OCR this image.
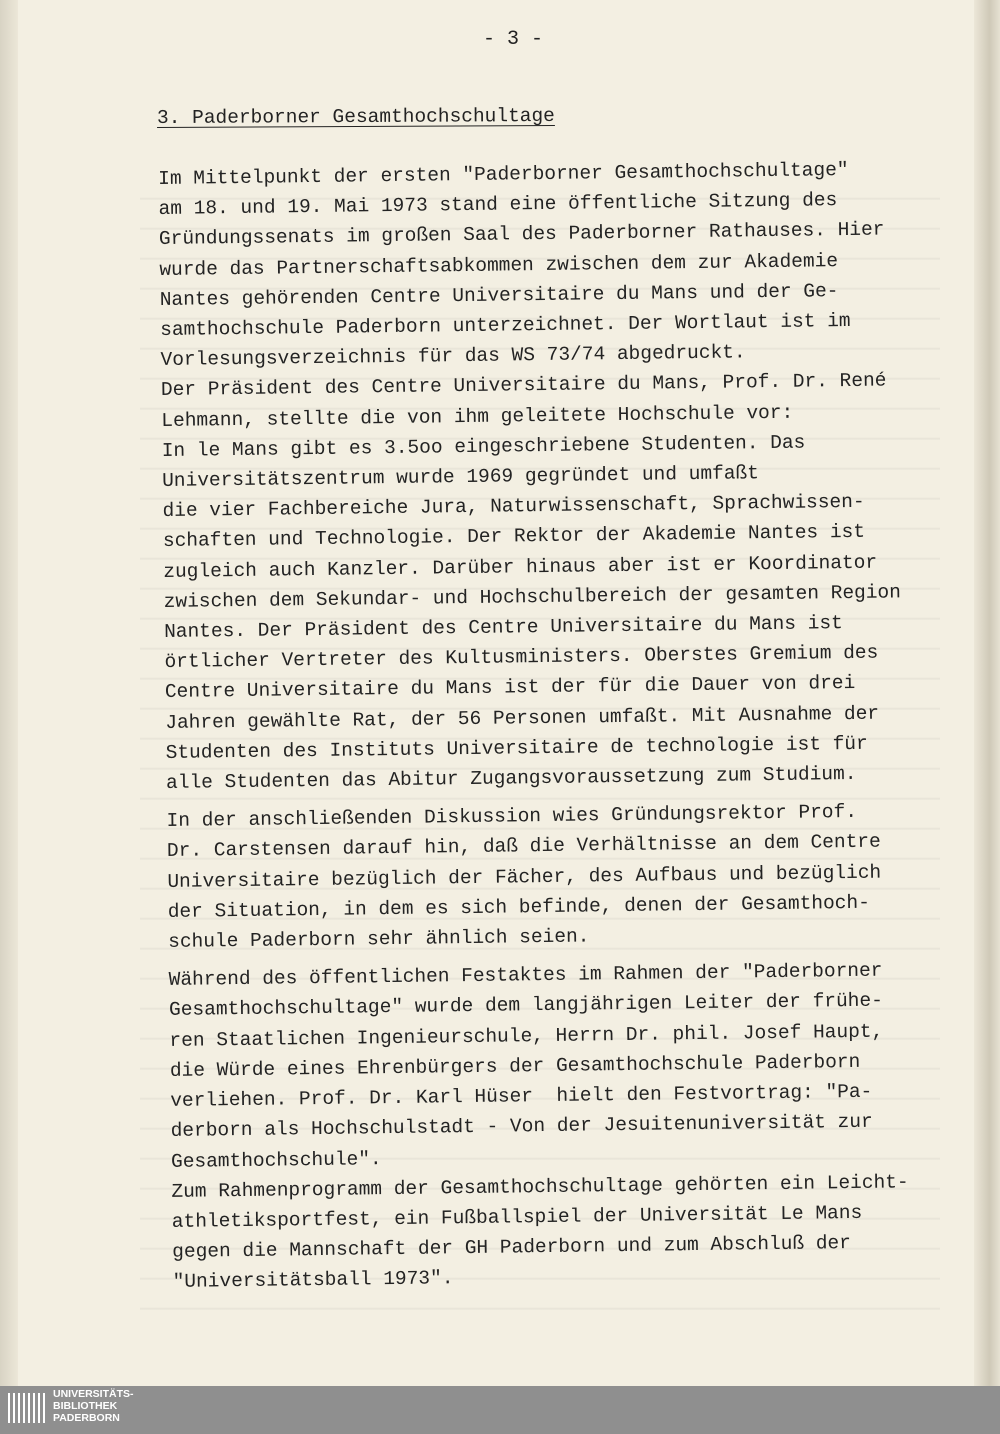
- 3 -
3. Paderborner Gesamthochschultage
Im Mittelpunkt der ersten "Paderborner Gesamthochschultage"
am 18. und 19. Mai 1973 stand eine öffentliche Sitzung des
Gründungssenats im großen Saal des Paderborner Rathauses. Hier
wurde das Partnerschaftsabkommen zwischen dem zur Akademie
Nantes gehörenden Centre Universitaire du Mans und der Ge-
samthochschule Paderborn unterzeichnet. Der Wortlaut ist im
Vorlesungsverzeichnis für das WS 73/74 abgedruckt.
Der Präsident des Centre Universitaire du Mans, Prof. Dr. René
Lehmann, stellte die von ihm geleitete Hochschule vor:
In le Mans gibt es 3.5oo eingeschriebene Studenten. Das
Universitätszentrum wurde 1969 gegründet und umfaßt
die vier Fachbereiche Jura, Naturwissenschaft, Sprachwissen-
schaften und Technologie. Der Rektor der Akademie Nantes ist
zugleich auch Kanzler. Darüber hinaus aber ist er Koordinator
zwischen dem Sekundar- und Hochschulbereich der gesamten Region
Nantes. Der Präsident des Centre Universitaire du Mans ist
örtlicher Vertreter des Kultusministers. Oberstes Gremium des
Centre Universitaire du Mans ist der für die Dauer von drei
Jahren gewählte Rat, der 56 Personen umfaßt. Mit Ausnahme der
Studenten des Instituts Universitaire de technologie ist für
alle Studenten das Abitur Zugangsvoraussetzung zum Studium.
In der anschließenden Diskussion wies Gründungsrektor Prof.
Dr. Carstensen darauf hin, daß die Verhältnisse an dem Centre
Universitaire bezüglich der Fächer, des Aufbaus und bezüglich
der Situation, in dem es sich befinde, denen der Gesamthoch-
schule Paderborn sehr ähnlich seien.
Während des öffentlichen Festaktes im Rahmen der "Paderborner
Gesamthochschultage" wurde dem langjährigen Leiter der frühe-
ren Staatlichen Ingenieurschule, Herrn Dr. phil. Josef Haupt,
die Würde eines Ehrenbürgers der Gesamthochschule Paderborn
verliehen. Prof. Dr. Karl Hüser  hielt den Festvortrag: "Pa-
derborn als Hochschulstadt - Von der Jesuitenuniversität zur
Gesamthochschule".
Zum Rahmenprogramm der Gesamthochschultage gehörten ein Leicht-
athletiksportfest, ein Fußballspiel der Universität Le Mans
gegen die Mannschaft der GH Paderborn und zum Abschluß der
"Universitätsball 1973".
UNIVERSITÄTS-
BIBLIOTHEK
PADERBORN
